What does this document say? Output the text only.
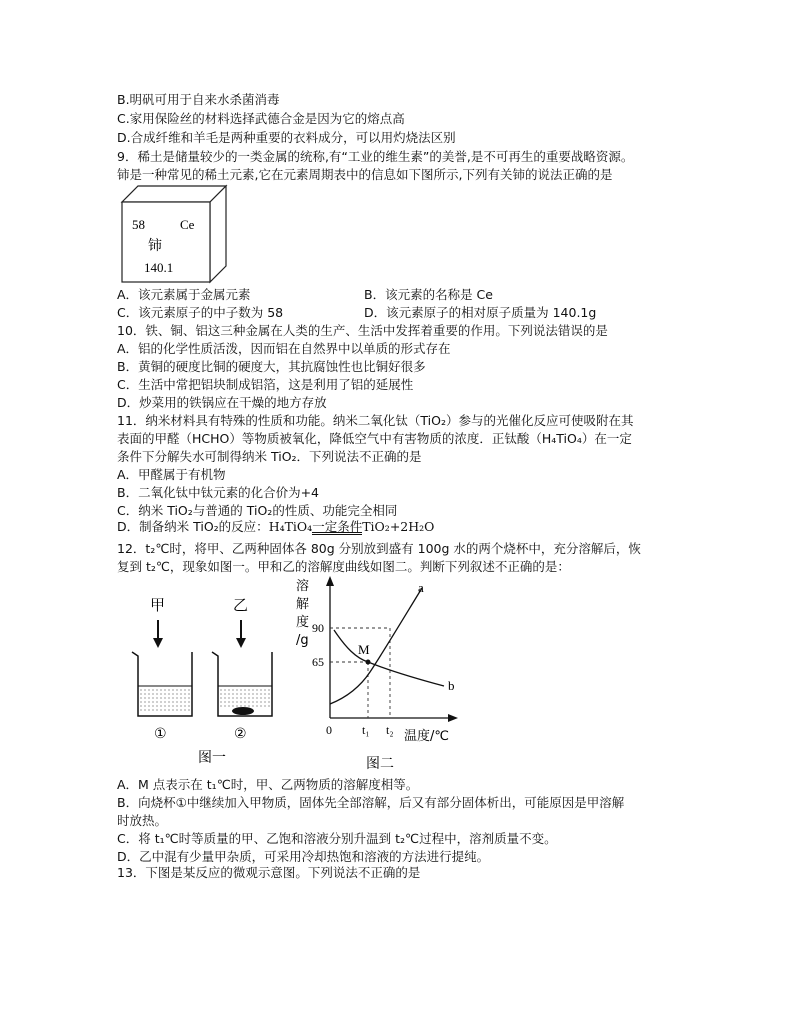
B.明矾可用于自来水杀菌消毒
C.家用保险丝的材料选择武德合金是因为它的熔点高
D.合成纤维和羊毛是两种重要的衣料成分，可以用灼烧法区别
9．稀土是储量较少的一类金属的统称,有“工业的维生素”的美誉,是不可再生的重要战略资源。
铈是一种常见的稀土元素,它在元素周期表中的信息如下图所示,下列有关铈的说法正确的是
58	Ce
铈
140.1
A．该元素属于金属元素	B．该元素的名称是 Ce
C．该元素原子的中子数为 58	D．该元素原子的相对原子质量为 140.1g
10．铁、铜、铝这三种金属在人类的生产、生活中发挥着重要的作用。下列说法错误的是
A．铝的化学性质活泼，因而铝在自然界中以单质的形式存在
B．黄铜的硬度比铜的硬度大，其抗腐蚀性也比铜好很多
C．生活中常把铝块制成铝箔，这是利用了铝的延展性
D．炒菜用的铁锅应在干燥的地方存放
11．纳米材料具有特殊的性质和功能。纳米二氧化钛（TiO₂）参与的光催化反应可使吸附在其
表面的甲醛（HCHO）等物质被氧化，降低空气中有害物质的浓度．正钛酸（H₄TiO₄）在一定
条件下分解失水可制得纳米 TiO₂．下列说法不正确的是
A．甲醛属于有机物
B．二氧化钛中钛元素的化合价为+4
C．纳米 TiO₂与普通的 TiO₂的性质、功能完全相同
D．制备纳米 TiO₂的反应：H₄TiO₄一定条件TiO₂+2H₂O
12．t₂℃时，将甲、乙两种固体各 80g 分别放到盛有 100g 水的两个烧杯中，充分溶解后，恢
复到 t₂℃，现象如图一。甲和乙的溶解度曲线如图二。判断下列叙述不正确的是：
甲	乙
①	②
图一
溶
解
度
/g
M
a
b
90
65
0	t₁ t₂ 温度/℃
图二
A．M 点表示在 t₁℃时，甲、乙两物质的溶解度相等。
B．向烧杯①中继续加入甲物质，固体先全部溶解，后又有部分固体析出，可能原因是甲溶解
时放热。
C．将 t₁℃时等质量的甲、乙饱和溶液分别升温到 t₂℃过程中，溶剂质量不变。
D．乙中混有少量甲杂质，可采用冷却热饱和溶液的方法进行提纯。
13．下图是某反应的微观示意图。下列说法不正确的是
